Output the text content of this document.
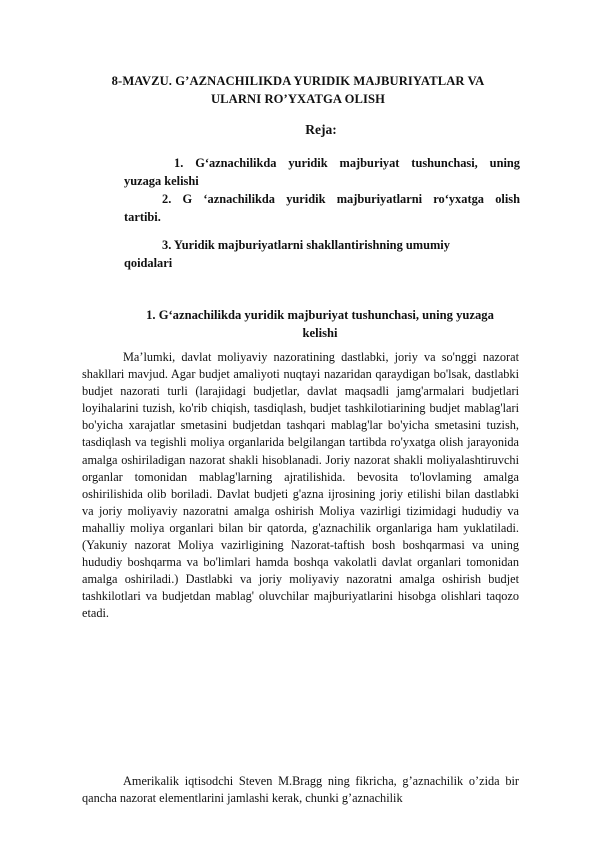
8-MAVZU. G’AZNACHILIKDA YURIDIK MAJBURIYATLAR VA
ULARNI RO’YXATGA OLISH
Reja:
1. G‘aznachilikda yuridik majburiyat tushunchasi, uning
yuzaga kelishi
2. G ‘aznachilikda yuridik majburiyatlarni ro‘yxatga olish
tartibi.
3. Yuridik majburiyatlarni shakllantirishning umumiy
qoidalari
1. G‘aznachilikda yuridik majburiyat tushunchasi, uning yuzaga
kelishi

Ma’lumki, davlat moliyaviy nazoratining dastlabki, joriy va so'nggi nazorat shakllari mavjud. Agar budjet amaliyoti nuqtayi nazaridan qaraydigan bo'lsak, dastlabki budjet nazorati turli (larajidagi budjetlar, davlat maqsadli jamg'armalari budjetlari loyihalarini tuzish, ko'rib chiqish, tasdiqlash, budjet tashkilotiarining budjet mablag'lari bo'yicha xarajatlar smetasini budjetdan tashqari mablag'lar bo'yicha smetasini tuzish, tasdiqlash va tegishli moliya organlarida belgilangan tartibda ro'yxatga olish jarayonida amalga oshiriladigan nazorat shakli hisoblanadi. Joriy nazorat shakli moliyalashtiruvchi organlar tomonidan mablag'larning ajratilishida. bevosita to'lovlaming amalga oshirilishida olib boriladi. Davlat budjeti g'azna ijrosining joriy etilishi bilan dastlabki va joriy moliyaviy nazoratni amalga oshirish Moliya vazirligi tizimidagi hududiy va mahalliy moliya organlari bilan bir qatorda, g'aznachilik organlariga ham yuklatiladi. (Yakuniy nazorat Moliya vazirligining Nazorat-taftish bosh boshqarmasi va uning hududiy boshqarma va bo'limlari hamda boshqa vakolatli davlat organlari tomonidan amalga oshiriladi.) Dastlabki va joriy moliyaviy nazoratni amalga oshirish budjet tashkilotlari va budjetdan mablag' oluvchilar majburiyatlarini hisobga olishlari taqozo etadi.

Amerikalik iqtisodchi Steven M.Bragg ning fikricha, g’aznachilik o’zida bir qancha nazorat elementlarini jamlashi kerak, chunki g’aznachilik
